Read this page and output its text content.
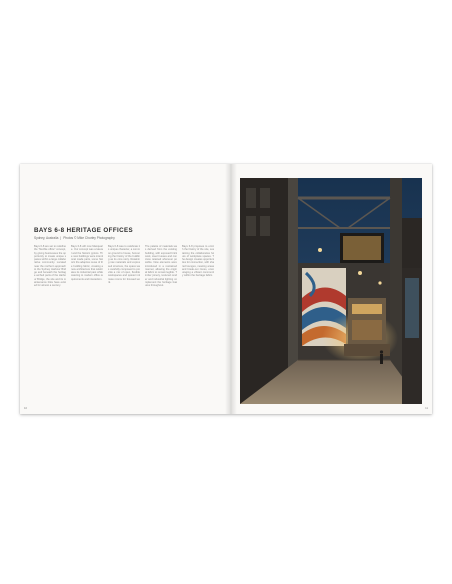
BAYS 6-8 HERITAGE OFFICES
Sydney, Australia | Photos © Mike Chorley Photography
Bays 6-8 are set to redefine the "flexible office" concept, by giving businesses the opportunity to create unique spaces within a large collaborative community. Located near the northern approach to the Sydney Harbour Bridge and beneath the heritage arched parts of the Harbour Bridge, the site and its maintenance links have existed for almost a century.
Bays 6-8 will now Macquarie. Our concept was a lateral and the historic pylons. The new buildings were intentional made parts, some historic the adaptive reuse of the building fabric, creating a new architecture that celebrates its industrial past while catering to modern office requirements and interaction.
Bays 6-8 was to celebrate its unique character, a common ground to house, honouring the history of the building as its core story. Retaining raw materials and expressed structure, the space was carefully composed to provide a mix of open, flexible workspaces and quieter intimate rooms for focused work.
The palette of materials was derived from the existing building, with exposed brickwork, steel trusses and concrete retained wherever possible. New elements were introduced in a restrained manner, allowing the original fabric to remain legible. Timber joinery, textured render and industrial lighting complement the heritage features throughout.
Bays 6-8 proposes to enrich the history of the site, sustaining the collaborative future of workplace spaces. The design creates opportunities for connection, with shared lounges, meeting areas and break-out zones, encouraging a vibrant community within the heritage fabric.
10	11
